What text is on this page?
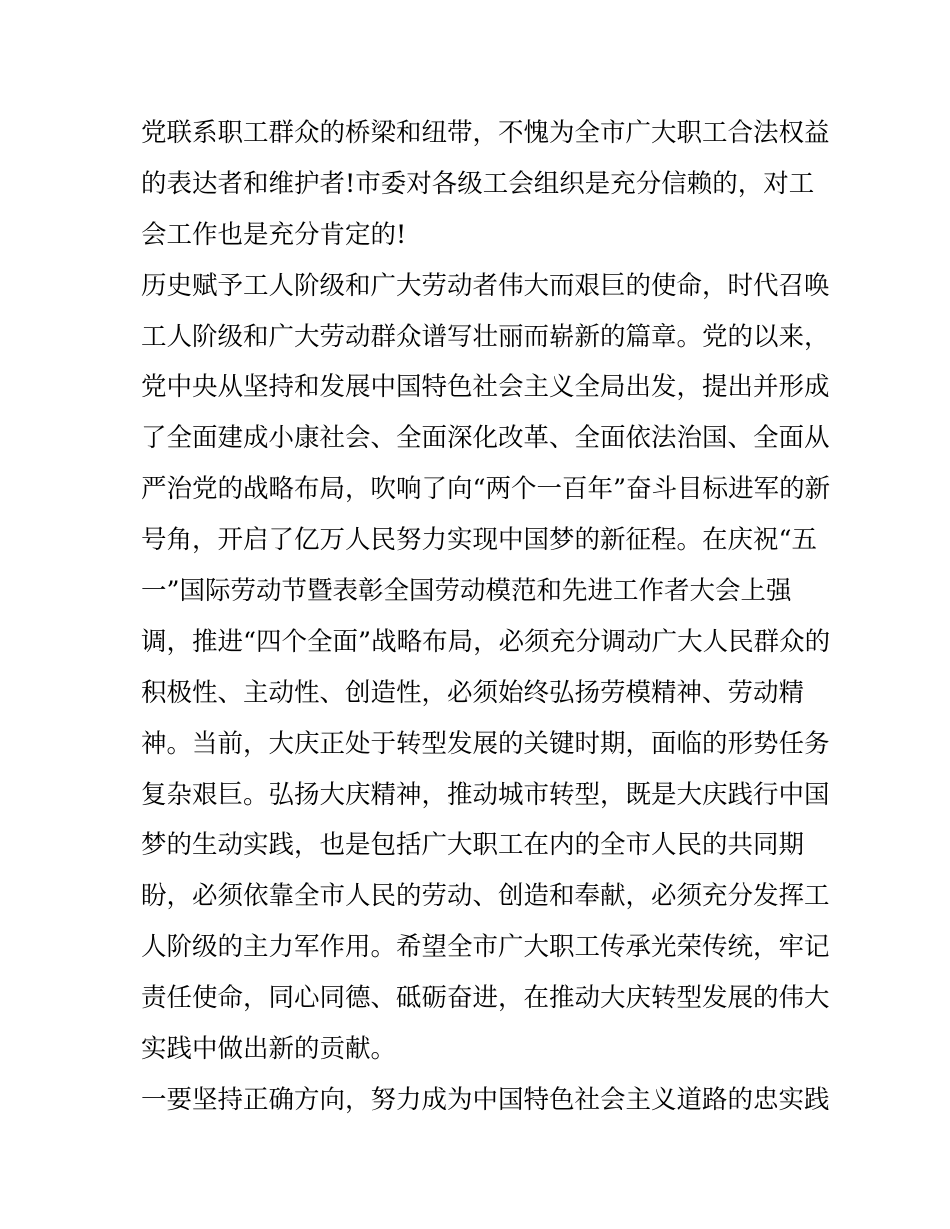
党联系职工群众的桥梁和纽带，不愧为全市广大职工合法权益
的表达者和维护者!市委对各级工会组织是充分信赖的，对工
会工作也是充分肯定的!
历史赋予工人阶级和广大劳动者伟大而艰巨的使命，时代召唤
工人阶级和广大劳动群众谱写壮丽而崭新的篇章。党的以来，
党中央从坚持和发展中国特色社会主义全局出发，提出并形成
了全面建成小康社会、全面深化改革、全面依法治国、全面从
严治党的战略布局，吹响了向“两个一百年”奋斗目标进军的新
号角，开启了亿万人民努力实现中国梦的新征程。在庆祝“五
一”国际劳动节暨表彰全国劳动模范和先进工作者大会上强
调，推进“四个全面”战略布局，必须充分调动广大人民群众的
积极性、主动性、创造性，必须始终弘扬劳模精神、劳动精
神。当前，大庆正处于转型发展的关键时期，面临的形势任务
复杂艰巨。弘扬大庆精神，推动城市转型，既是大庆践行中国
梦的生动实践，也是包括广大职工在内的全市人民的共同期
盼，必须依靠全市人民的劳动、创造和奉献，必须充分发挥工
人阶级的主力军作用。希望全市广大职工传承光荣传统，牢记
责任使命，同心同德、砥砺奋进，在推动大庆转型发展的伟大
实践中做出新的贡献。
一要坚持正确方向，努力成为中国特色社会主义道路的忠实践
